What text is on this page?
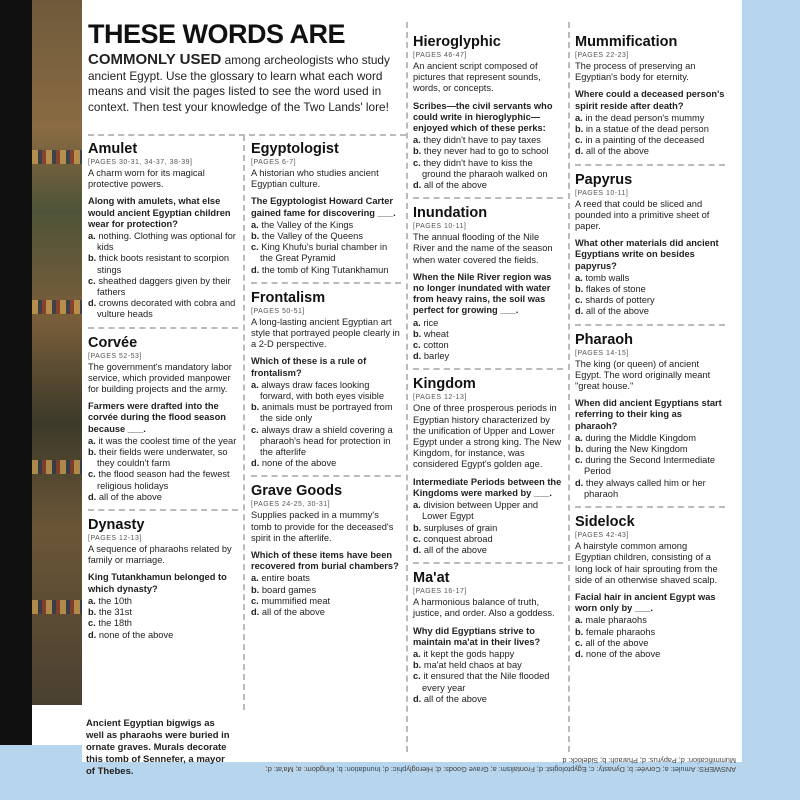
THESE WORDS ARE
COMMONLY USED among archeologists who study ancient Egypt. Use the glossary to learn what each word means and visit the pages listed to see the word used in context. Then test your knowledge of the Two Lands' lore!
Amulet
[PAGES 30-31, 34-37, 38-39]
A charm worn for its magical protective powers.
Along with amulets, what else would ancient Egyptian children wear for protection?
a. nothing. Clothing was optional for kids
b. thick boots resistant to scorpion stings
c. sheathed daggers given by their fathers
d. crowns decorated with cobra and vulture heads
Corvée
[PAGES 52-53]
The government's mandatory labor service, which provided manpower for building projects and the army.
Farmers were drafted into the corvée during the flood season because ___.
a. it was the coolest time of the year
b. their fields were underwater, so they couldn't farm
c. the flood season had the fewest religious holidays
d. all of the above
Dynasty
[PAGES 12-13]
A sequence of pharaohs related by family or marriage.
King Tutankhamun belonged to which dynasty?
a. the 10th
b. the 31st
c. the 18th
d. none of the above
Egyptologist
[PAGES 6-7]
A historian who studies ancient Egyptian culture.
The Egyptologist Howard Carter gained fame for discovering ___.
a. the Valley of the Kings
b. the Valley of the Queens
c. King Khufu's burial chamber in the Great Pyramid
d. the tomb of King Tutankhamun
Frontalism
[PAGES 50-51]
A long-lasting ancient Egyptian art style that portrayed people clearly in a 2-D perspective.
Which of these is a rule of frontalism?
a. always draw faces looking forward, with both eyes visible
b. animals must be portrayed from the side only
c. always draw a shield covering a pharaoh's head for protection in the afterlife
d. none of the above
Grave Goods
[PAGES 24-25, 30-31]
Supplies packed in a mummy's tomb to provide for the deceased's spirit in the afterlife.
Which of these items have been recovered from burial chambers?
a. entire boats
b. board games
c. mummified meat
d. all of the above
Hieroglyphic
[PAGES 46-47]
An ancient script composed of pictures that represent sounds, words, or concepts.
Scribes—the civil servants who could write in hieroglyphic—enjoyed which of these perks:
a. they didn't have to pay taxes
b. they never had to go to school
c. they didn't have to kiss the ground the pharaoh walked on
d. all of the above
Inundation
[PAGES 10-11]
The annual flooding of the Nile River and the name of the season when water covered the fields.
When the Nile River region was no longer inundated with water from heavy rains, the soil was perfect for growing ___.
a. rice
b. wheat
c. cotton
d. barley
Kingdom
[PAGES 12-13]
One of three prosperous periods in Egyptian history characterized by the unification of Upper and Lower Egypt under a strong king. The New Kingdom, for instance, was considered Egypt's golden age.
Intermediate Periods between the Kingdoms were marked by ___.
a. division between Upper and Lower Egypt
b. surpluses of grain
c. conquest abroad
d. all of the above
Ma'at
[PAGES 16-17]
A harmonious balance of truth, justice, and order. Also a goddess.
Why did Egyptians strive to maintain ma'at in their lives?
a. it kept the gods happy
b. ma'at held chaos at bay
c. it ensured that the Nile flooded every year
d. all of the above
Mummification
[PAGES 22-23]
The process of preserving an Egyptian's body for eternity.
Where could a deceased person's spirit reside after death?
a. in the dead person's mummy
b. in a statue of the dead person
c. in a painting of the deceased
d. all of the above
Papyrus
[PAGES 10-11]
A reed that could be sliced and pounded into a primitive sheet of paper.
What other materials did ancient Egyptians write on besides papyrus?
a. tomb walls
b. flakes of stone
c. shards of pottery
d. all of the above
Pharaoh
[PAGES 14-15]
The king (or queen) of ancient Egypt. The word originally meant "great house."
When did ancient Egyptians start referring to their king as pharaoh?
a. during the Middle Kingdom
b. during the New Kingdom
c. during the Second Intermediate Period
d. they always called him or her pharaoh
Sidelock
[PAGES 42-43]
A hairstyle common among Egyptian children, consisting of a long lock of hair sprouting from the side of an otherwise shaved scalp.
Facial hair in ancient Egypt was worn only by ___.
a. male pharaohs
b. female pharaohs
c. all of the above
d. none of the above
Ancient Egyptian bigwigs as well as pharaohs were buried in ornate graves. Murals decorate this tomb of Sennefer, a mayor of Thebes.	ANSWERS: Amulet: a; Corvée: b; Dynasty: c; Egyptologist: d; Frontalism: a; Grave Goods: d; Hieroglyphic: d; Inundation: b; Kingdom: a; Ma'at: d; Mummification: d; Papyrus: d; Pharaoh: b; Sidelock: d
